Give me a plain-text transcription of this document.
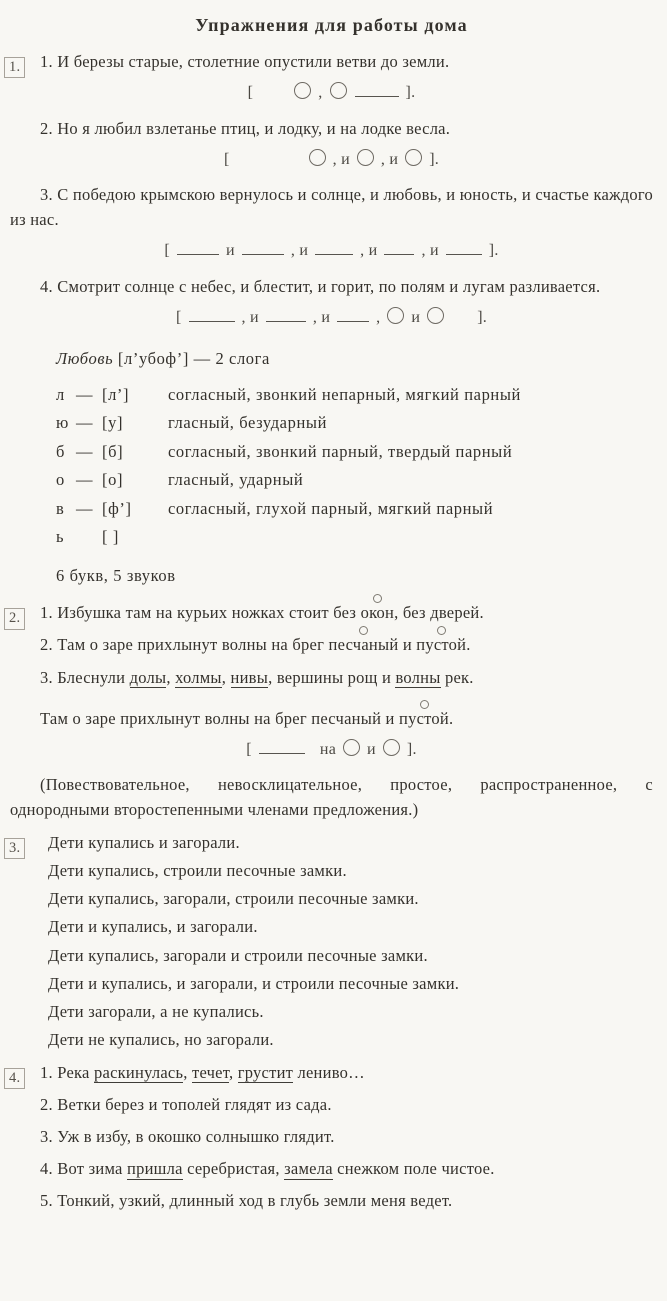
Упражнения для работы дома
1.	1. И березы старые, столетние опустили ветви до земли.

[	,	].

2. Но я любил взлетанье птиц, и лодку, и на лодке весла.

[	, и , и ].

3. С победою крымскою вернулось и солнце, и любовь, и юность, и счастье каждого из нас.

[	и	, и	, и	, и	].

4. Смотрит солнце с небес, и блестит, и горит, по полям и лугам разливается.

[	, и	, и	, и	].

Любовь [л’убоф’] — 2 слога

л — [л’]	согласный, звонкий непарный, мягкий парный
ю — [у]	гласный, безударный
б — [б]	согласный, звонкий парный, твердый парный
о — [о]	гласный, ударный
в — [ф’]	согласный, глухой парный, мягкий парный
ь	[ ]

6 букв, 5 звуков

2.	1. Избушка там на курьих ножках стоит без окон, без дверей.

2. Там о заре прихлынут волны на брег песчаный и пустой.

3. Блеснули долы, холмы, нивы, вершины рощ и волны рек.

Там о заре прихлынут волны на брег песчаный и пустой.

[	на и ].

(Повествовательное, невосклицательное, простое, распространенное, с однородными второстепенными членами предложения.)

3.	Дети купались и загорали.

Дети купались, строили песочные замки.

Дети купались, загорали, строили песочные замки.

Дети и купались, и загорали.

Дети купались, загорали и строили песочные замки.

Дети и купались, и загорали, и строили песочные замки.

Дети загорали, а не купались.

Дети не купались, но загорали.

4.	1. Река раскинулась, течет, грустит лениво…

2. Ветки берез и тополей глядят из сада.

3. Уж в избу, в окошко солнышко глядит.

4. Вот зима пришла серебристая, замела снежком поле чистое.

5. Тонкий, узкий, длинный ход в глубь земли меня ведет.
